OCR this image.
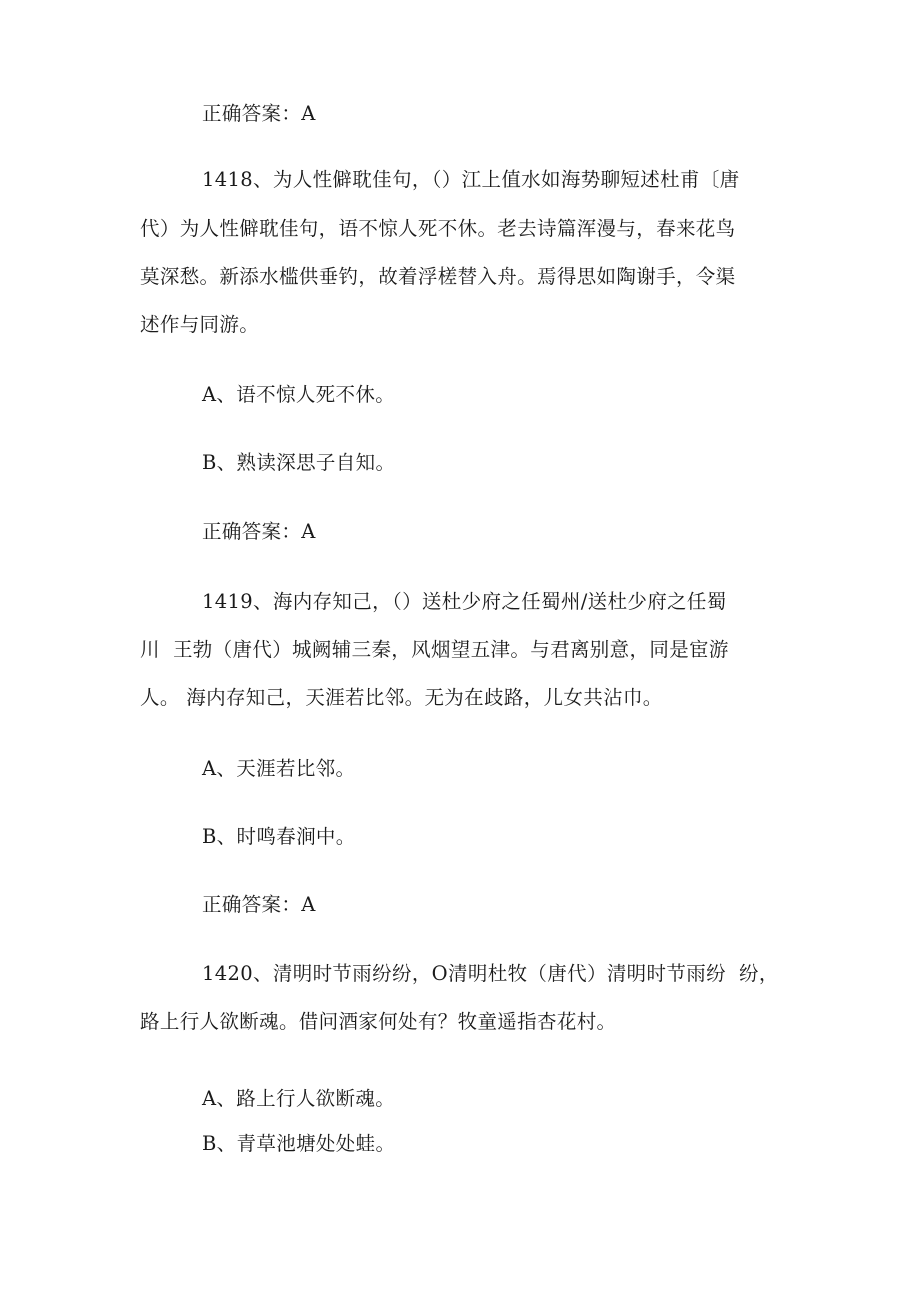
正确答案：A

1418、为人性僻耽佳句，（）江上值水如海势聊短述杜甫〔唐

代）为人性僻耽佳句，语不惊人死不休。老去诗篇浑漫与，春来花鸟

莫深愁。新添水槛供垂钓，故着浮槎替入舟。焉得思如陶谢手，令渠

述作与同游。

A、语不惊人死不休。

B、熟读深思子自知。

正确答案：A

1419、海内存知己，（）送杜少府之任蜀州/送杜少府之任蜀

川  王勃（唐代）城阙辅三秦，风烟望五津。与君离别意，同是宦游

人。 海内存知己，天涯若比邻。无为在歧路，儿女共沾巾。

A、天涯若比邻。

B、时鸣春涧中。

正确答案：A

1420、清明时节雨纷纷，O清明杜牧（唐代）清明时节雨纷  纷，

路上行人欲断魂。借问酒家何处有？牧童遥指杏花村。

A、路上行人欲断魂。

B、青草池塘处处蛙。
